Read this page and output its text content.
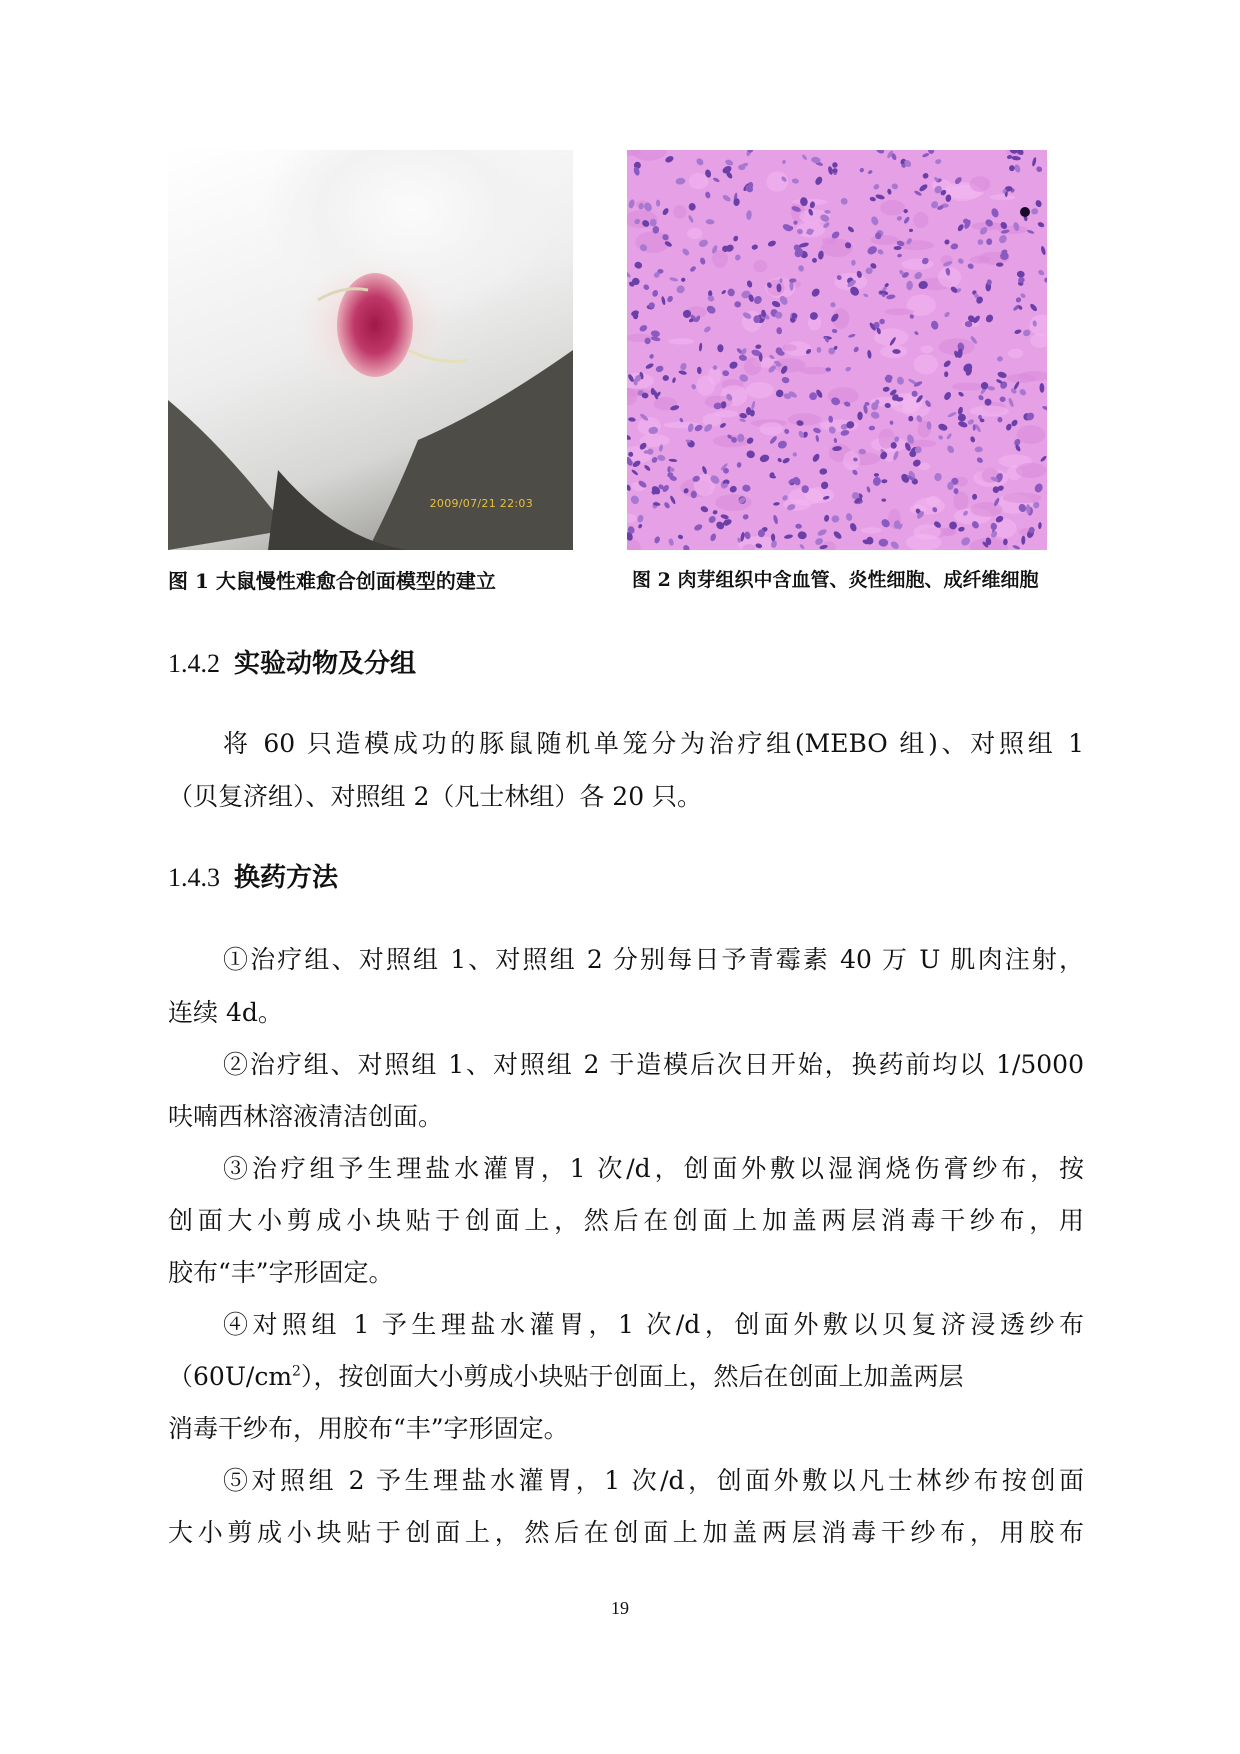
2009/07/21 22:03
图 1 大鼠慢性难愈合创面模型的建立	图 2 肉芽组织中含血管、炎性细胞、成纤维细胞
1.4.2 实验动物及分组
将 60 只造模成功的豚鼠随机单笼分为治疗组(MEBO 组)、对照组 1
（贝复济组）、对照组 2（凡士林组）各 20 只。
1.4.3 换药方法
①治疗组、对照组 1、对照组 2 分别每日予青霉素 40 万 U 肌肉注射，
连续 4d。
②治疗组、对照组 1、对照组 2 于造模后次日开始，换药前均以 1/5000
呋喃西林溶液清洁创面。
③治疗组予生理盐水灌胃，1 次/d，创面外敷以湿润烧伤膏纱布，按
创面大小剪成小块贴于创面上，然后在创面上加盖两层消毒干纱布，用
胶布“丰”字形固定。
④对照组 1 予生理盐水灌胃，1 次/d，创面外敷以贝复济浸透纱布
$(60U/cm^2)$，按创面大小剪成小块贴于创面上，然后在创面上加盖两层
消毒干纱布，用胶布“丰”字形固定。
⑤对照组 2 予生理盐水灌胃，1 次/d，创面外敷以凡士林纱布按创面
大小剪成小块贴于创面上，然后在创面上加盖两层消毒干纱布，用胶布
19
